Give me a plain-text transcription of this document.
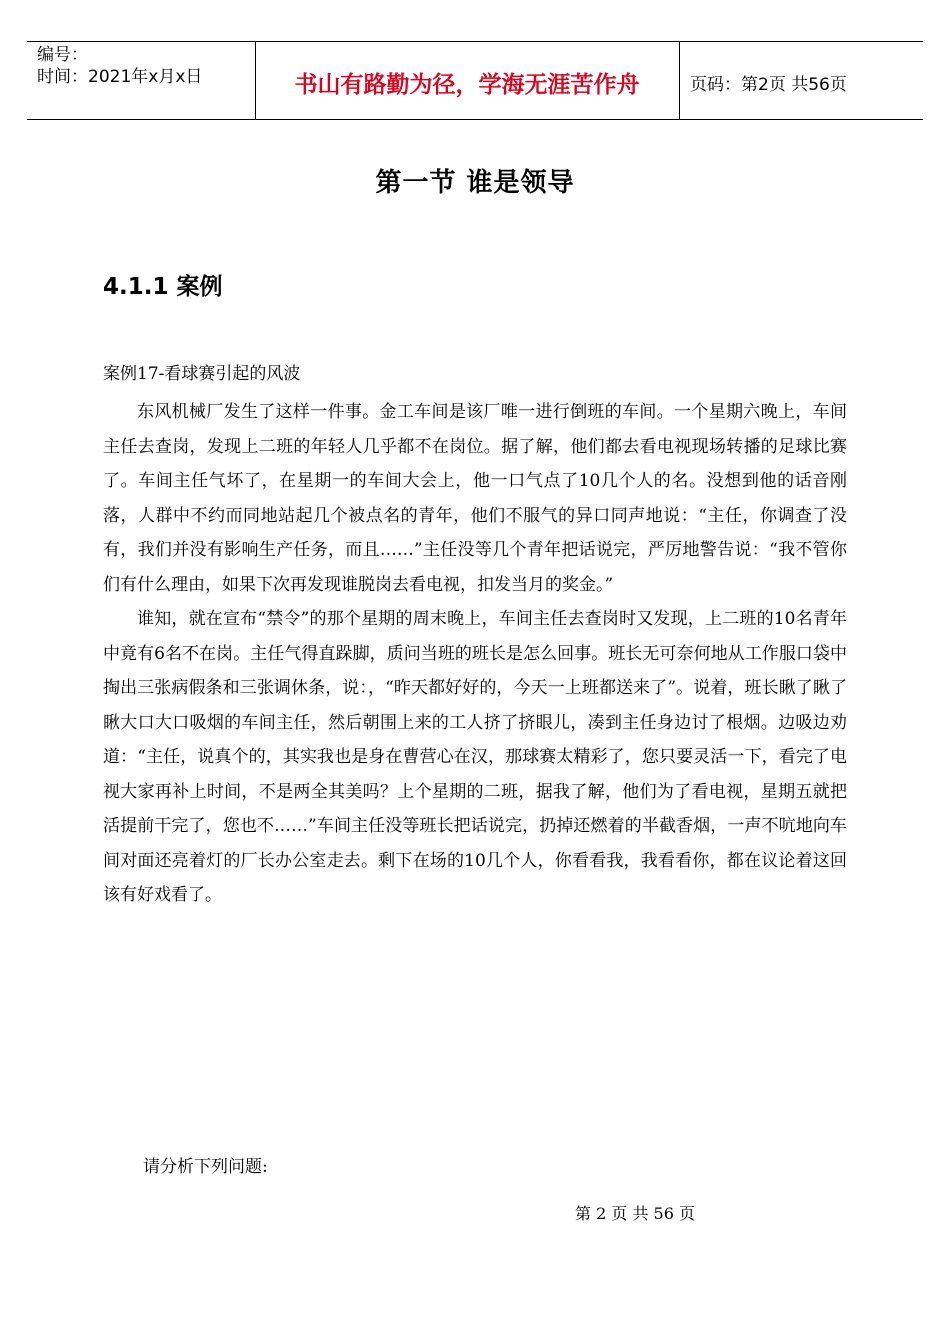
编号：
时间：2021年x月x日	书山有路勤为径，学海无涯苦作舟	页码：第2页 共56页
第一节 谁是领导
4.1.1 案例
案例17-看球赛引起的风波

东风机械厂发生了这样一件事。金工车间是该厂唯一进行倒班的车间。一个星期六晚上，车间主任去查岗，发现上二班的年轻人几乎都不在岗位。据了解，他们都去看电视现场转播的足球比赛了。车间主任气坏了，在星期一的车间大会上，他一口气点了10几个人的名。没想到他的话音刚落，人群中不约而同地站起几个被点名的青年，他们不服气的异口同声地说：“主任，你调查了没有，我们并没有影响生产任务，而且……”主任没等几个青年把话说完，严厉地警告说：“我不管你们有什么理由，如果下次再发现谁脱岗去看电视，扣发当月的奖金。”

谁知，就在宣布“禁令”的那个星期的周末晚上，车间主任去查岗时又发现，上二班的10名青年中竟有6名不在岗。主任气得直跺脚，质问当班的班长是怎么回事。班长无可奈何地从工作服口袋中掏出三张病假条和三张调休条，说：，“昨天都好好的，今天一上班都送来了”。说着，班长瞅了瞅了瞅大口大口吸烟的车间主任，然后朝围上来的工人挤了挤眼儿，凑到主任身边讨了根烟。边吸边劝道：“主任，说真个的，其实我也是身在曹营心在汉，那球赛太精彩了，您只要灵活一下，看完了电视大家再补上时间，不是两全其美吗？上个星期的二班，据我了解，他们为了看电视，星期五就把活提前干完了，您也不……”车间主任没等班长把话说完，扔掉还燃着的半截香烟，一声不吭地向车间对面还亮着灯的厂长办公室走去。剩下在场的10几个人，你看看我，我看看你，都在议论着这回该有好戏看了。

请分析下列问题:
第 2 页 共 56 页
